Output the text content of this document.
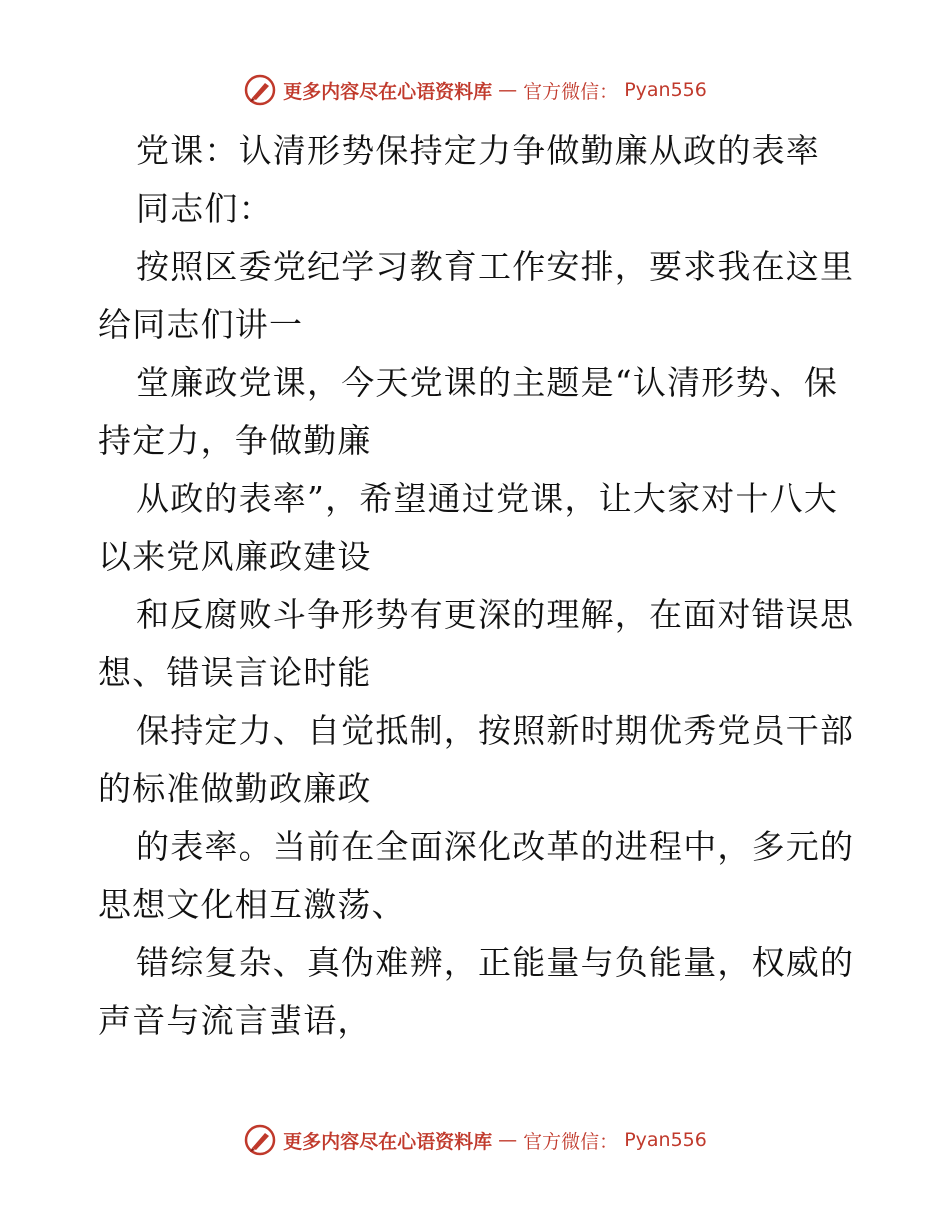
更多内容尽在心语资料库 — 官方微信： Pyan556
党课：认清形势保持定力争做勤廉从政的表率
同志们：
按照区委党纪学习教育工作安排，要求我在这里
给同志们讲一
堂廉政党课，今天党课的主题是“认清形势、保
持定力，争做勤廉
从政的表率”，希望通过党课，让大家对十八大
以来党风廉政建设
和反腐败斗争形势有更深的理解，在面对错误思
想、错误言论时能
保持定力、自觉抵制，按照新时期优秀党员干部
的标准做勤政廉政
的表率。当前在全面深化改革的进程中，多元的
思想文化相互激荡、
错综复杂、真伪难辨，正能量与负能量，权威的
声音与流言蜚语，
更多内容尽在心语资料库 — 官方微信： Pyan556
